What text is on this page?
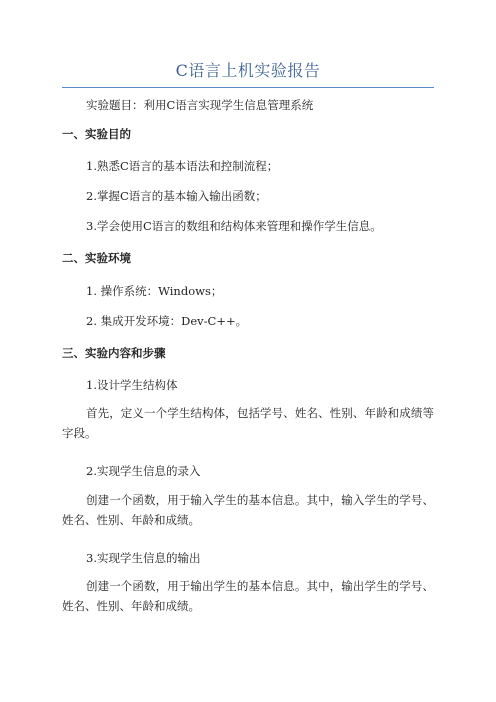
C语言上机实验报告
实验题目：利用C语言实现学生信息管理系统
一、实验目的
1.熟悉C语言的基本语法和控制流程；
2.掌握C语言的基本输入输出函数；
3.学会使用C语言的数组和结构体来管理和操作学生信息。
二、实验环境
1. 操作系统：Windows；
2. 集成开发环境：Dev-C++。
三、实验内容和步骤
1.设计学生结构体
首先，定义一个学生结构体，包括学号、姓名、性别、年龄和成绩等字段。
2.实现学生信息的录入
创建一个函数，用于输入学生的基本信息。其中，输入学生的学号、姓名、性别、年龄和成绩。
3.实现学生信息的输出
创建一个函数，用于输出学生的基本信息。其中，输出学生的学号、姓名、性别、年龄和成绩。
